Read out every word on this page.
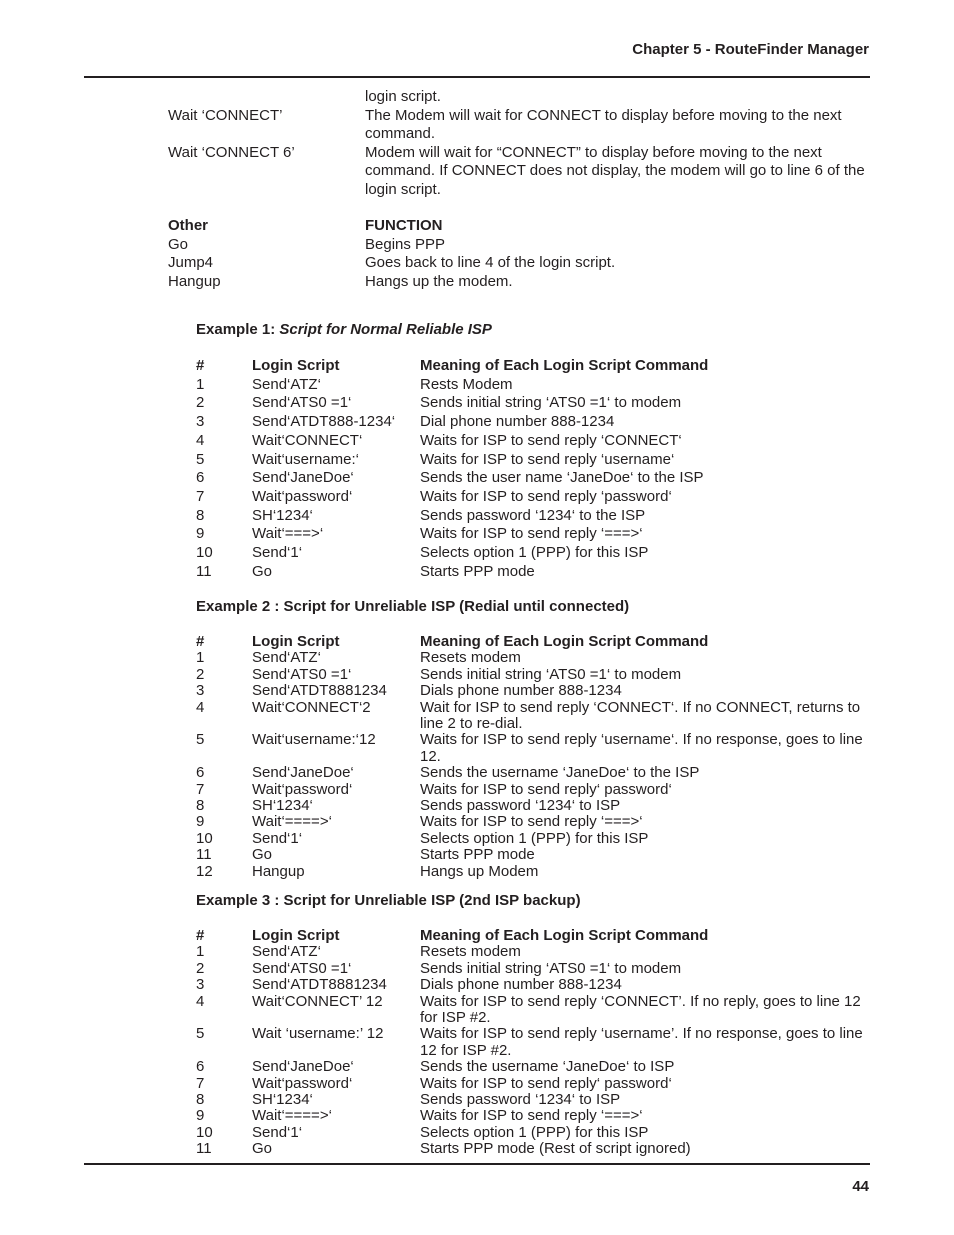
Chapter 5 - RouteFinder Manager
login script.
Wait ‘CONNECT’	The Modem will wait for CONNECT to display before moving to the next command.
Wait ‘CONNECT 6’	Modem will wait for “CONNECT” to display before moving to the next command. If CONNECT does not display, the modem will go to line 6 of the login script.
Other	FUNCTION
Go	Begins PPP
Jump4	Goes back to line 4 of the login script.
Hangup	Hangs up the modem.
Example 1: Script for Normal Reliable ISP
#	Login Script	Meaning of Each Login Script Command
1	Send‘ATZ‘	Rests Modem
2	Send‘ATS0 =1‘	Sends initial string ‘ATS0 =1‘ to modem
3	Send‘ATDT888-1234‘	Dial phone number 888-1234
4	Wait‘CONNECT‘	Waits for ISP to send reply ‘CONNECT‘
5	Wait‘username:‘	Waits for ISP to send reply ‘username‘
6	Send‘JaneDoe‘	Sends the user name ‘JaneDoe‘ to the ISP
7	Wait‘password‘	Waits for ISP to send reply ‘password‘
8	SH‘1234‘	Sends password ‘1234‘ to the ISP
9	Wait‘===>‘	Waits for ISP to send reply ‘===>‘
10	Send‘1‘	Selects option 1 (PPP) for this ISP
11	Go	Starts PPP mode
Example 2 : Script for Unreliable ISP (Redial until connected)
#	Login Script	Meaning of Each Login Script Command
1	Send‘ATZ‘	Resets modem
2	Send‘ATS0 =1‘	Sends initial string ‘ATS0 =1‘ to modem
3	Send‘ATDT8881234	Dials phone number 888-1234
4	Wait‘CONNECT‘2	Wait for ISP to send reply ‘CONNECT‘. If no CONNECT, returns to line 2 to re-dial.
5	Wait‘username:‘12	Waits for ISP to send reply ‘username‘. If no response, goes to line 12.
6	Send‘JaneDoe‘	Sends the username ‘JaneDoe‘ to the ISP
7	Wait‘password‘	Waits for ISP to send reply‘ password‘
8	SH‘1234‘	Sends password ‘1234‘ to ISP
9	Wait‘====>‘	Waits for ISP to send reply ‘===>‘
10	Send‘1‘	Selects option 1 (PPP) for this ISP
11	Go	Starts PPP mode
12	Hangup	Hangs up Modem
Example 3 : Script for Unreliable ISP (2nd ISP backup)
#	Login Script	Meaning of Each Login Script Command
1	Send‘ATZ‘	Resets modem
2	Send‘ATS0 =1‘	Sends initial string ‘ATS0 =1‘ to modem
3	Send‘ATDT8881234	Dials phone number 888-1234
4	Wait‘CONNECT’ 12	Waits for ISP to send reply ‘CONNECT’. If no reply, goes to line 12 for ISP #2.
5	Wait ‘username:’ 12	Waits for ISP to send reply ‘username’. If no response, goes to line 12 for ISP #2.
6	Send‘JaneDoe‘	Sends the username ‘JaneDoe‘ to ISP
7	Wait‘password‘	Waits for ISP to send reply‘ password‘
8	SH‘1234‘	Sends password ‘1234‘ to ISP
9	Wait‘====>‘	Waits for ISP to send reply ‘===>‘
10	Send‘1‘	Selects option 1 (PPP) for this ISP
11	Go	Starts PPP mode (Rest of script ignored)
44
